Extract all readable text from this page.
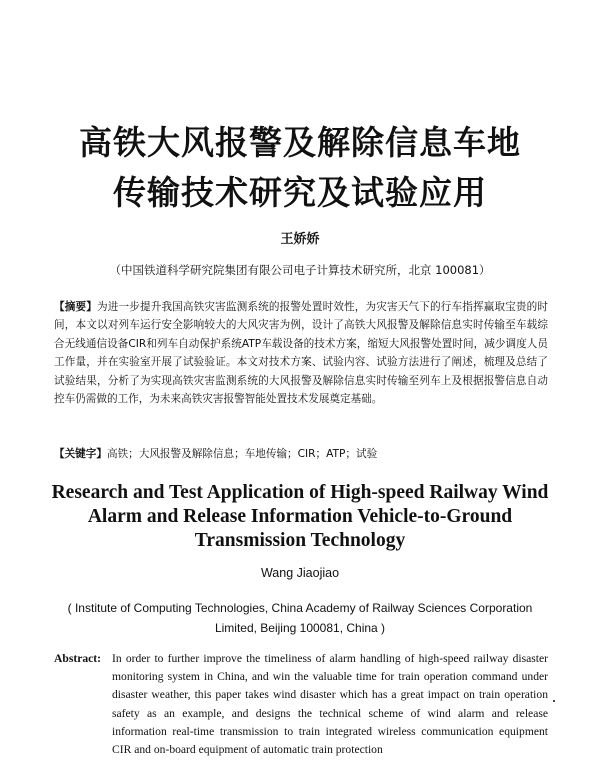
高铁大风报警及解除信息车地
传输技术研究及试验应用
王娇娇
（中国铁道科学研究院集团有限公司电子计算技术研究所，北京 100081）
【摘要】为进一步提升我国高铁灾害监测系统的报警处置时效性，为灾害天气下的行车指挥赢取宝贵的时间，本文以对列车运行安全影响较大的大风灾害为例，设计了高铁大风报警及解除信息实时传输至车载综合无线通信设备CIR和列车自动保护系统ATP车载设备的技术方案，缩短大风报警处置时间，减少调度人员工作量，并在实验室开展了试验验证。本文对技术方案、试验内容、试验方法进行了阐述，梳理及总结了试验结果，分析了为实现高铁灾害监测系统的大风报警及解除信息实时传输至列车上及根据报警信息自动控车仍需做的工作，为未来高铁灾害报警智能处置技术发展奠定基础。
【关键字】高铁；大风报警及解除信息；车地传输；CIR；ATP；试验
Research and Test Application of High-speed Railway Wind
Alarm and Release Information Vehicle-to-Ground
Transmission Technology
Wang Jiaojiao
( Institute of Computing Technologies, China Academy of Railway Sciences Corporation Limited, Beijing 100081, China )
Abstract: In order to further improve the timeliness of alarm handling of high-speed railway disaster monitoring system in China, and win the valuable time for train operation command under disaster weather, this paper takes wind disaster which has a great impact on train operation safety as an example, and designs the technical scheme of wind alarm and release information real-time transmission to train integrated wireless communication equipment CIR and on-board equipment of automatic train protection
